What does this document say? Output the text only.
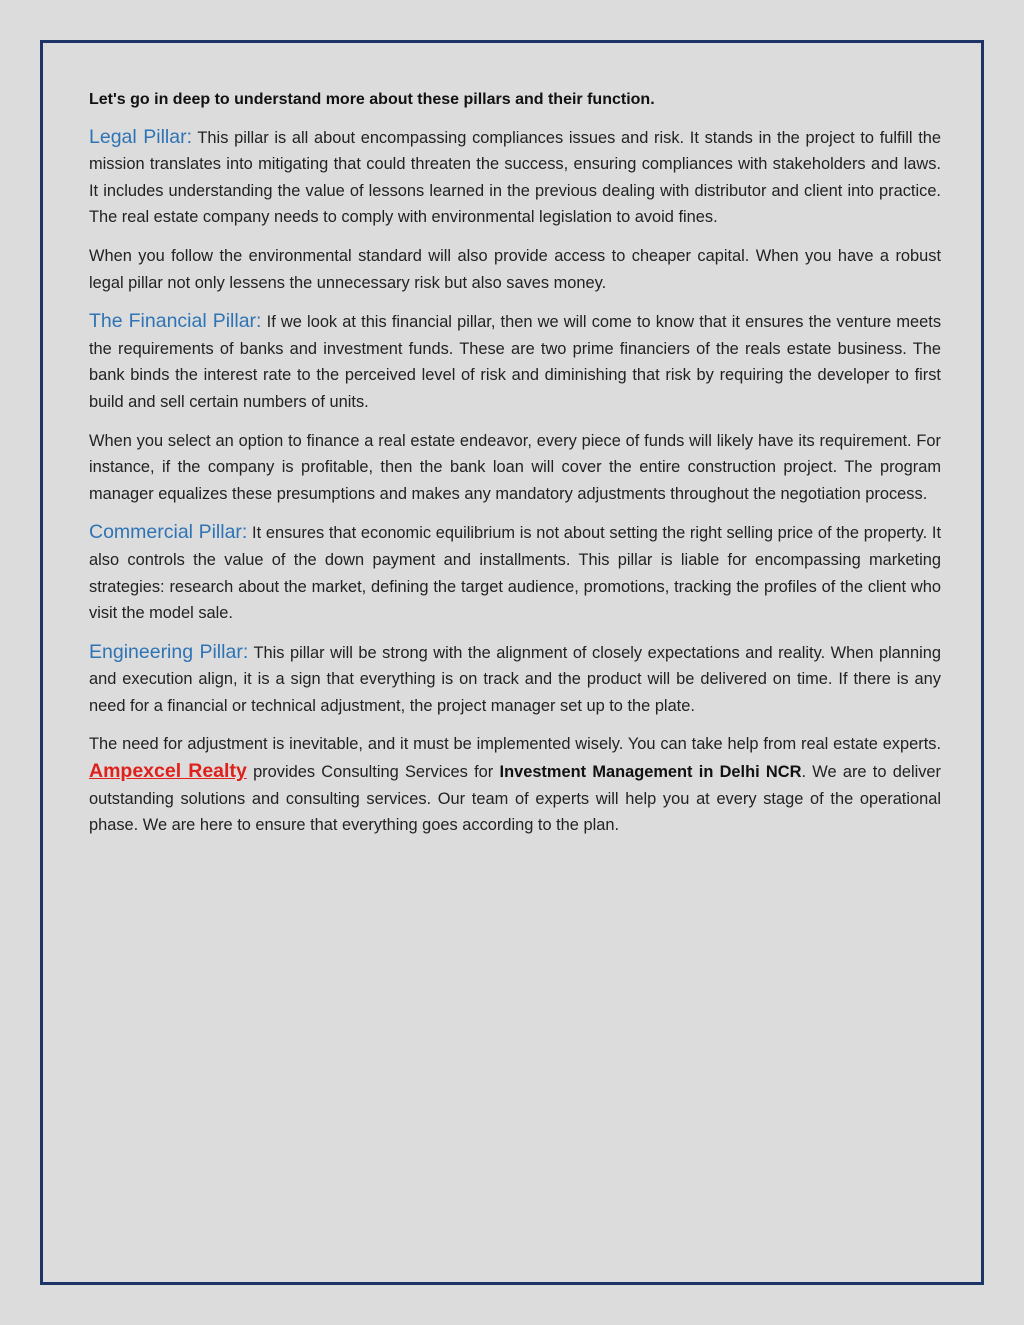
Let's go in deep to understand more about these pillars and their function.

Legal Pillar: This pillar is all about encompassing compliances issues and risk. It stands in the project to fulfill the mission translates into mitigating that could threaten the success, ensuring compliances with stakeholders and laws. It includes understanding the value of lessons learned in the previous dealing with distributor and client into practice. The real estate company needs to comply with environmental legislation to avoid fines.

When you follow the environmental standard will also provide access to cheaper capital. When you have a robust legal pillar not only lessens the unnecessary risk but also saves money.

The Financial Pillar: If we look at this financial pillar, then we will come to know that it ensures the venture meets the requirements of banks and investment funds. These are two prime financiers of the reals estate business. The bank binds the interest rate to the perceived level of risk and diminishing that risk by requiring the developer to first build and sell certain numbers of units.

When you select an option to finance a real estate endeavor, every piece of funds will likely have its requirement. For instance, if the company is profitable, then the bank loan will cover the entire construction project. The program manager equalizes these presumptions and makes any mandatory adjustments throughout the negotiation process.

Commercial Pillar: It ensures that economic equilibrium is not about setting the right selling price of the property. It also controls the value of the down payment and installments. This pillar is liable for encompassing marketing strategies: research about the market, defining the target audience, promotions, tracking the profiles of the client who visit the model sale.

Engineering Pillar: This pillar will be strong with the alignment of closely expectations and reality. When planning and execution align, it is a sign that everything is on track and the product will be delivered on time. If there is any need for a financial or technical adjustment, the project manager set up to the plate.

The need for adjustment is inevitable, and it must be implemented wisely. You can take help from real estate experts. Ampexcel Realty provides Consulting Services for Investment Management in Delhi NCR. We are to deliver outstanding solutions and consulting services. Our team of experts will help you at every stage of the operational phase. We are here to ensure that everything goes according to the plan.
